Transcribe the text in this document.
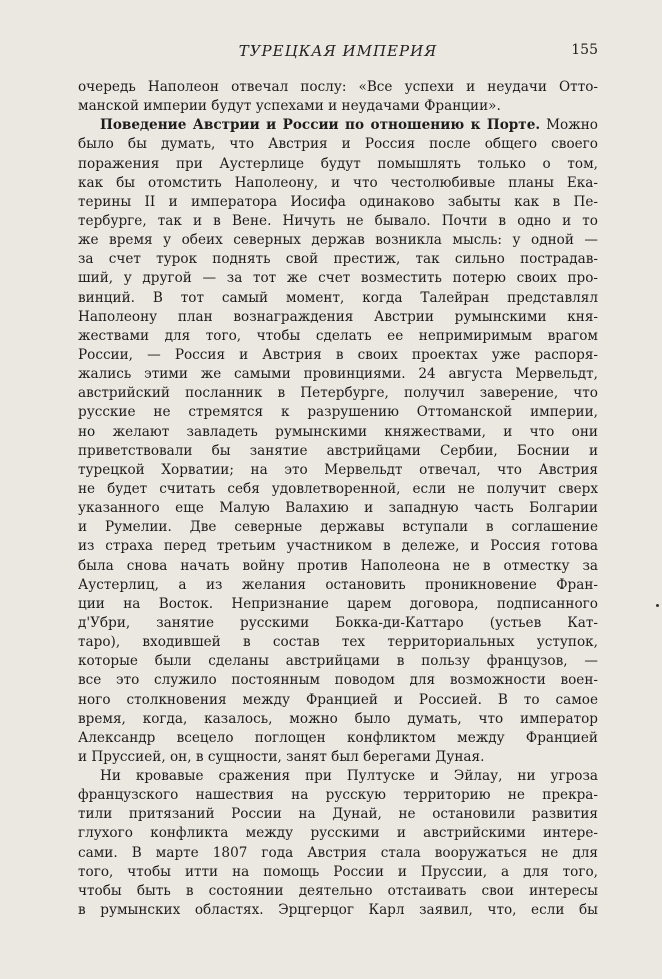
ТУРЕЦКАЯ ИМПЕРИЯ	155
очередь Наполеон отвечал послу: «Все успехи и неудачи Отто-
манской империи будут успехами и неудачами Франции».
Поведение Австрии и России по отношению к Порте. Можно
было бы думать, что Австрия и Россия после общего своего
поражения при Аустерлице будут помышлять только о том,
как бы отомстить Наполеону, и что честолюбивые планы Ека-
терины II и императора Иосифа одинаково забыты как в Пе-
тербурге, так и в Вене. Ничуть не бывало. Почти в одно и то
же время у обеих северных держав возникла мысль: у одной —
за счет турок поднять свой престиж, так сильно пострадав-
ший, у другой — за тот же счет возместить потерю своих про-
винций. В тот самый момент, когда Талейран представлял
Наполеону план вознаграждения Австрии румынскими кня-
жествами для того, чтобы сделать ее непримиримым врагом
России, — Россия и Австрия в своих проектах уже распоря-
жались этими же самыми провинциями. 24 августа Мервельдт,
австрийский посланник в Петербурге, получил заверение, что
русские не стремятся к разрушению Оттоманской империи,
но желают завладеть румынскими княжествами, и что они
приветствовали бы занятие австрийцами Сербии, Боснии и
турецкой Хорватии; на это Мервельдт отвечал, что Австрия
не будет считать себя удовлетворенной, если не получит сверх
указанного еще Малую Валахию и западную часть Болгарии
и Румелии. Две северные державы вступали в соглашение
из страха перед третьим участником в дележе, и Россия готова
была снова начать войну против Наполеона не в отместку за
Аустерлиц, а из желания остановить проникновение Фран-
ции на Восток. Непризнание царем договора, подписанного
д'Убри, занятие русскими Бокка-ди-Каттаро (устьев Кат-
таро), входившей в состав тех территориальных уступок,
которые были сделаны австрийцами в пользу французов, —
все это служило постоянным поводом для возможности воен-
ного столкновения между Францией и Россией. В то самое
время, когда, казалось, можно было думать, что император
Александр всецело поглощен конфликтом между Францией
и Пруссией, он, в сущности, занят был берегами Дуная.
Ни кровавые сражения при Пултуске и Эйлау, ни угроза
французского нашествия на русскую территорию не прекра-
тили притязаний России на Дунай, не остановили развития
глухого конфликта между русскими и австрийскими интере-
сами. В марте 1807 года Австрия стала вооружаться не для
того, чтобы итти на помощь России и Пруссии, а для того,
чтобы быть в состоянии деятельно отстаивать свои интересы
в румынских областях. Эрцгерцог Карл заявил, что, если бы
